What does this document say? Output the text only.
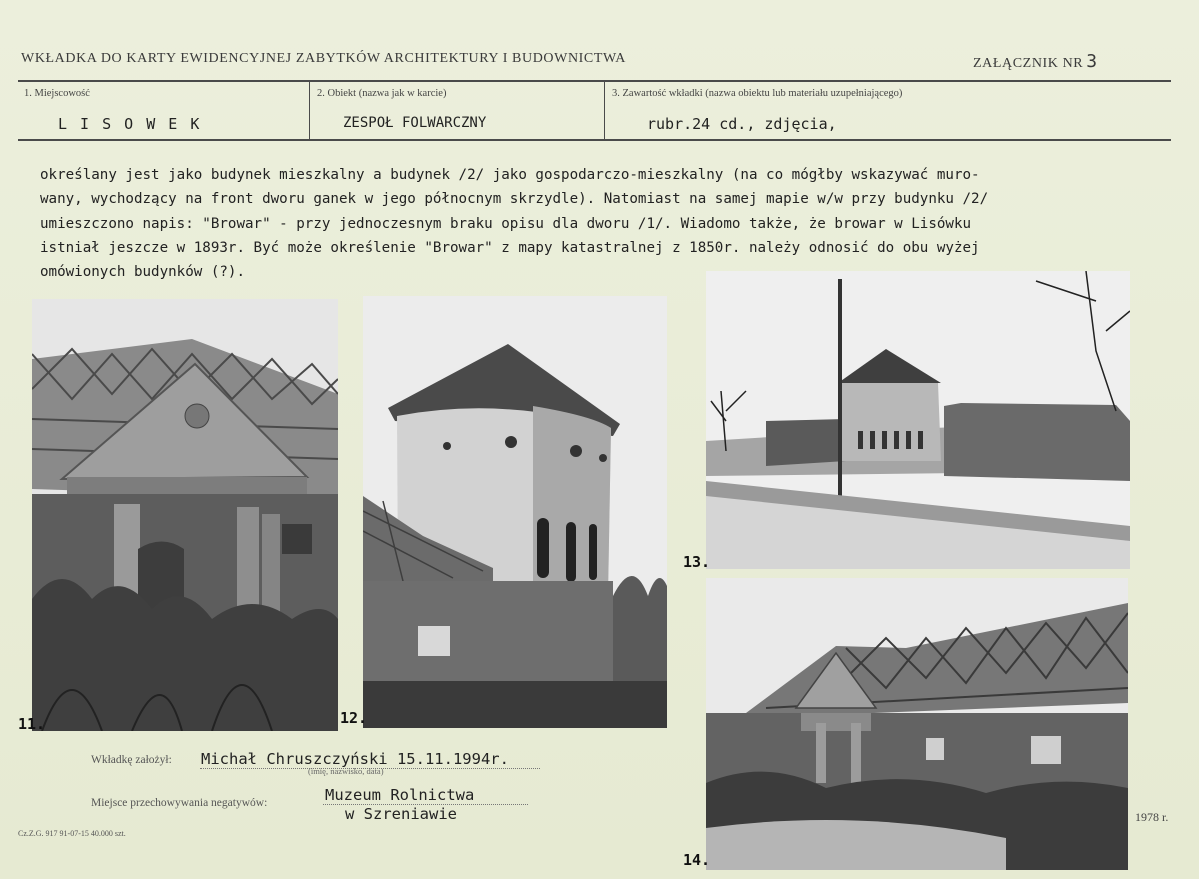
WKŁADKA DO KARTY EWIDENCYJNEJ ZABYTKÓW ARCHITEKTURY I BUDOWNICTWA	ZAŁĄCZNIK NR 3
1. Miejscowość
L I S O W E K
2. Obiekt (nazwa jak w karcie)
ZESPOŁ FOLWARCZNY
3. Zawartość wkładki (nazwa obiektu lub materiału uzupełniającego)
rubr.24 cd., zdjęcia,
określany jest jako budynek mieszkalny a budynek /2/ jako gospodarczo-mieszkalny (na co mógłby wskazywać muro-
wany, wychodzący na front dworu ganek w jego północnym skrzydle). Natomiast na samej mapie w/w przy budynku /2/
umieszczono napis: "Browar" - przy jednoczesnym braku opisu dla dworu /1/. Wiadomo także, że browar w Lisówku
istniał jeszcze w 1893r. Być może określenie "Browar" z mapy katastralnej z 1850r. należy odnosić do obu wyżej
omówionych budynków (?).
11.	12.
13.
14.
Wkładkę założył: Michał Chruszczyński 15.11.1994r.
(imię, nazwisko, data)
Miejsce przechowywania negatywów:	Muzeum Rolnictwa
w Szreniawie
Cz.Z.G. 917 91-07-15 40.000 szt.
1978 r.
